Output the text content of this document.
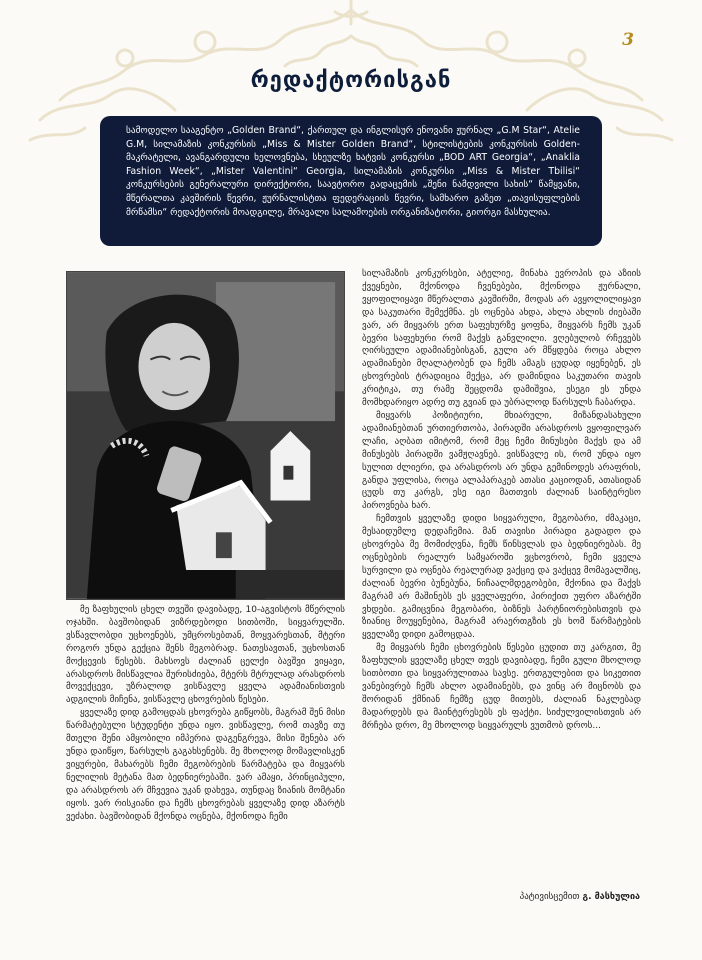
3
რედაქტორისგან
სამოდელო სააგენტო „Golden Brand“, ქართულ და ინგლისურ ენოვანი ჟურნალ „G.M Star“, Atelie G.M, სილამაზის კონკურსის „Miss & Mister Golden Brand“, სტილისტების კონკურსის Golden-მაკრატელი, ავანგარდული ხელოვნება, სხეულზე ხატვის კონკურსი „BOD ART Georgia“, „Anaklia Fashion Week“, „Mister Valentini“ Georgia, სილამაზის კონკურსი „Miss & Mister Tbilisi“ კონკურსების გენერალური დირექტორი, საავტორო გადაცემის „შენი ნამდვილი სახის“ წამყვანი, მწერალთა კავშირის წევრი, ჟურნალისტთა ფედერაციის წევრი, სამხარო გაზეთ „თავისუფლების მრწამსი“ რედაქტორის მოადგილე, მრავალი სალამოების ორგანიზატორი, გიორგი მასხულია.

მე ზაფხულის ცხელ თვეში დავიბადე, 10-აგვისტოს მწერლის ოჯახში. ბავშობიდან ვიზრდებოდი სითბოში, სიყვარულში. ვსწავლობდი უცხოენებს, უმცროსებთან, მოყვარესთან, მტერი როგორ უნდა გექცია შენს მეგობრად. ნათესავთან, უცხოსთან მოქცევის წესებს. მახსოვს ძალიან ცელქი ბავშვი ვიყავი, არასდროს მისწავლია შურისძიება, მტერს მტრულად არასდროს მოვექცევი, უზრალოდ ვისწავლე ყველა ადამიანისთვის ადგილის მიჩენა, ვისწავლე ცხოვრების წესები.

ყველაზე დიდ გამოცდას ცხოვრება გიწყობს, მაგრამ შენ მისი წარმატებული სტუდენტი უნდა იყო. ვისწავლე, რომ თავზე თუ მთელი შენი ამყობილი იმპერია დაგენგრევა, მისი შენება არ უნდა დაიწყო, წარსულს გაგახსენებს. მე მხოლოდ მომავლისკენ ვიყურები, მახარებს ჩემი მეგობრების წარმატება და მიყვარს ნელილის მეტანა მათ ბედნიერებაში. ვარ ამაყი, პრინციპული, და არასდროს არ მჩვევია უკან დახევა, თუნდაც ზიანის მომტანი იყოს. ვარ რისკიანი და ჩემს ცხოვრებას ყველაზე დიდ აზარტს ვეძახი. ბავშობიდან მქონდა ოცნება, მქონოდა ჩემი

სილამაზის კონკურსები, ატელიე, მინახა ევროპის და აზიის ქვეყნები, მქონოდა ჩვენებები, მქონოდა ჟურნალი, ვყოფილიყავი მწერალთა კავშირში, მოდას არ ავყოლილიყავი და საკუთარი შემექმნა. ეს ოცნება ახდა, ახლა ახლის ძიებაში ვარ, არ მიყვარს ერთ საფეხურზე ყოფნა, მიყვარს ჩემს უკან ბევრი საფეხური რომ მაქვს განვლილი. ვღებულობ რჩევებს ღირსეული ადამიანებისგან, გული არ მწყდება როცა ახლო ადამიანები მღალატობენ და ჩემს ამაგს ცუდად იყენებენ, ეს ცხოვრების ტრადიცია მექცა, არ დამინდია საკუთარი თავის კრიტიკა, თუ რამე შეცდომა დამიშვია, ესეგი ეს უნდა მომხდარიყო ადრე თუ გვიან და უბრალოდ წარსულს ჩაბარდა.

მიყვარს პოზიტიური, მხიარული, მიზანდასახული ადამიანებთან ურთიერთობა, პირადში არასდროს ვყოფილვარ ლაჩი, აღბათ იმიტომ, რომ მეც ჩემი მინუსები მაქვს და ამ მინუსებს პირადში ვამჟღავნებ. ვისწავლე ის, რომ უნდა იყო სულით ძლიერი, და არასდროს არ უნდა გემინოდეს არაფრის, განდა უფლისა, როცა ალაპარაკებ ათასი კაციოდან, ათასიდან ცუდს თუ კარგს, ესე იგი მათთვის ძალიან საინტერესო პიროვნება ხარ.

ჩემთვის ყველაზე დიდი სიყვარული, მეგობარი, ძმაკაცი, მესაიდუმლე დედაჩემია. მან თავისი პირადი გადადო და ცხოვრება მე მომიძღვნა, ჩემს წინსვლას და ბედნიერებას. მე ოცნებების რეალურ სამყაროში ვცხოვრობ, ჩემი ყველა სურვილი და ოცნება რეალურად ვაქციე და ვაქცევ მომავალშიც, ძალიან ბევრი ბუნებუნა, ნიჩაალმდეგობები, მქონია და მაქვს მაგრამ არ მაშინებს ეს ყველაფერი, პირიქით უფრო აზარტში ვხდები. გამიცვნია მეგობარი, ბიზნეს პარტნიორებისთვის და ზიანიც მოუყენებია, მაგრამ არაერთგზის ეს ხომ წარმატების ყველაზე დიდი გამოცდაა.

მე მიყვარს ჩემი ცხოვრების წესები ცუდით თუ კარგით, მე ზაფხულის ყველაზე ცხელ თვეს დავიბადე, ჩემი გული მხოლოდ სითბოთი და სიყვარულითაა სავსე. ერთგულებით და სიკეთით ვანებივრებ ჩემს ახლო ადამიანებს, და ვინც არ მიცნობს და შორიდან ქმნიან ჩემზე ცუდ მითებს, ძალიან ნაკლებად მადარდებს და მაინტერესებს ეს ფაქტი. სიძულვილისთვის არ მრჩება დრო, მე მხოლოდ სიყვარულს ვუთმობ დროს...

პატივისცემით გ. მასხულია
